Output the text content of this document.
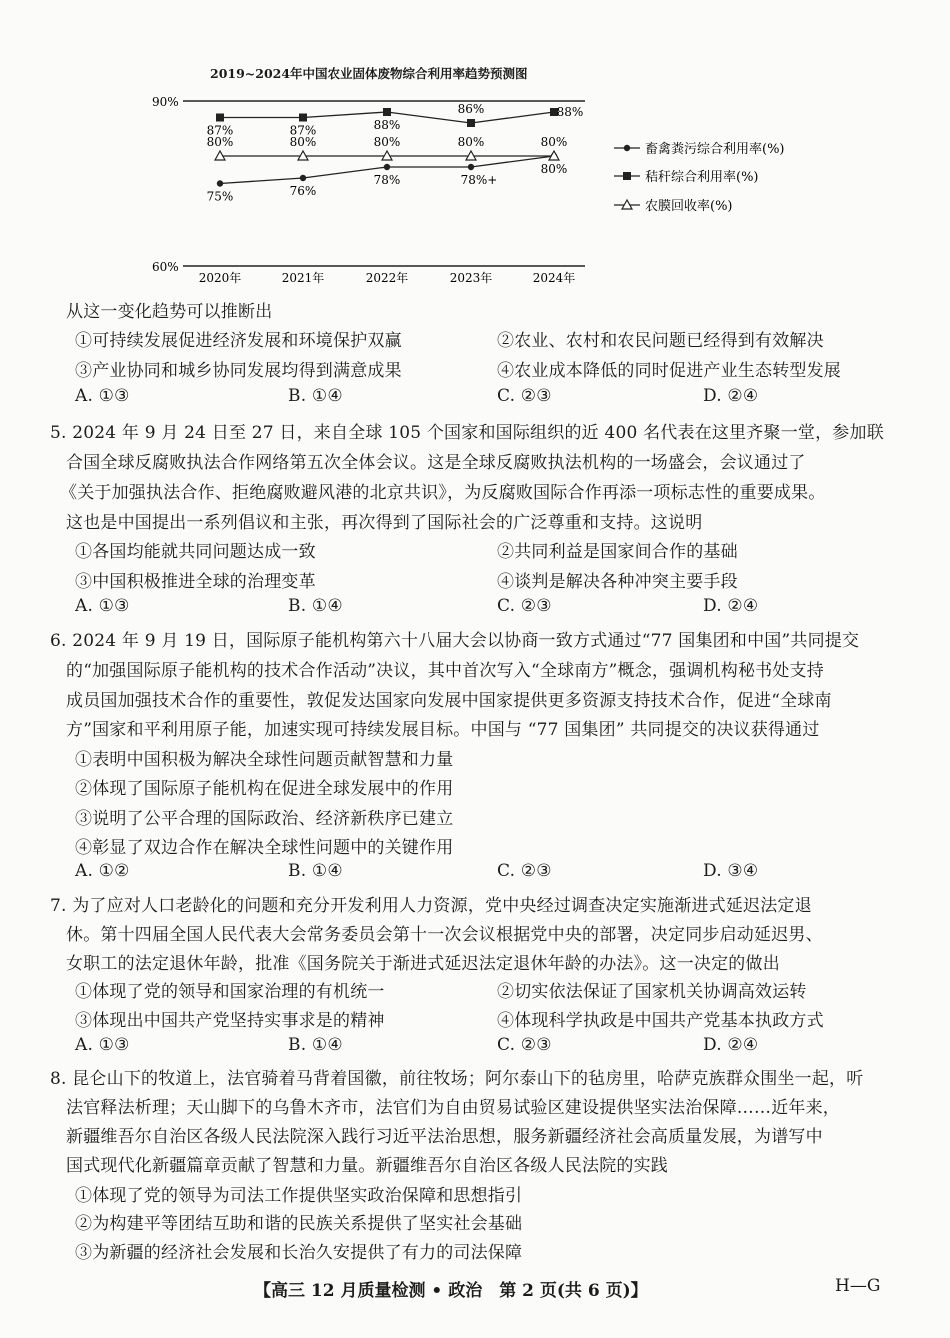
2019~2024年中国农业固体废物综合利用率趋势预测图
90%
60%
2020年	2021年	2022年	2023年	2024年
75%	76%
78%	78%+
80%
87%	87%	88%
86%	88%
80%	80%	80%	80%	80%	畜禽粪污综合利用率(%)
秸秆综合利用率(%)
农膜回收率(%)
从这一变化趋势可以推断出
①可持续发展促进经济发展和环境保护双赢	②农业、农村和农民问题已经得到有效解决
③产业协同和城乡协同发展均得到满意成果	④农业成本降低的同时促进产业生态转型发展
A. ①③	B. ①④	C. ②③	D. ②④
5. 2024 年 9 月 24 日至 27 日，来自全球 105 个国家和国际组织的近 400 名代表在这里齐聚一堂，参加联
合国全球反腐败执法合作网络第五次全体会议。这是全球反腐败执法机构的一场盛会，会议通过了
《关于加强执法合作、拒绝腐败避风港的北京共识》，为反腐败国际合作再添一项标志性的重要成果。
这也是中国提出一系列倡议和主张，再次得到了国际社会的广泛尊重和支持。这说明
①各国均能就共同问题达成一致	②共同利益是国家间合作的基础
③中国积极推进全球的治理变革	④谈判是解决各种冲突主要手段
A. ①③	B. ①④	C. ②③	D. ②④
6. 2024 年 9 月 19 日，国际原子能机构第六十八届大会以协商一致方式通过“77 国集团和中国”共同提交
的“加强国际原子能机构的技术合作活动”决议，其中首次写入“全球南方”概念，强调机构秘书处支持
成员国加强技术合作的重要性，敦促发达国家向发展中国家提供更多资源支持技术合作，促进“全球南
方”国家和平利用原子能，加速实现可持续发展目标。中国与 “77 国集团” 共同提交的决议获得通过
①表明中国积极为解决全球性问题贡献智慧和力量
②体现了国际原子能机构在促进全球发展中的作用
③说明了公平合理的国际政治、经济新秩序已建立
④彰显了双边合作在解决全球性问题中的关键作用
A. ①②	B. ①④	C. ②③	D. ③④
7. 为了应对人口老龄化的问题和充分开发利用人力资源，党中央经过调查决定实施渐进式延迟法定退
休。第十四届全国人民代表大会常务委员会第十一次会议根据党中央的部署，决定同步启动延迟男、
女职工的法定退休年龄，批准《国务院关于渐进式延迟法定退休年龄的办法》。这一决定的做出
①体现了党的领导和国家治理的有机统一	②切实依法保证了国家机关协调高效运转
③体现出中国共产党坚持实事求是的精神	④体现科学执政是中国共产党基本执政方式
A. ①③	B. ①④	C. ②③	D. ②④
8. 昆仑山下的牧道上，法官骑着马背着国徽，前往牧场；阿尔泰山下的毡房里，哈萨克族群众围坐一起，听
法官释法析理；天山脚下的乌鲁木齐市，法官们为自由贸易试验区建设提供坚实法治保障……近年来，
新疆维吾尔自治区各级人民法院深入践行习近平法治思想，服务新疆经济社会高质量发展，为谱写中
国式现代化新疆篇章贡献了智慧和力量。新疆维吾尔自治区各级人民法院的实践
①体现了党的领导为司法工作提供坚实政治保障和思想指引
②为构建平等团结互助和谐的民族关系提供了坚实社会基础
③为新疆的经济社会发展和长治久安提供了有力的司法保障
【高三 12 月质量检测 • 政治　第 2 页(共 6 页)】	H—G
